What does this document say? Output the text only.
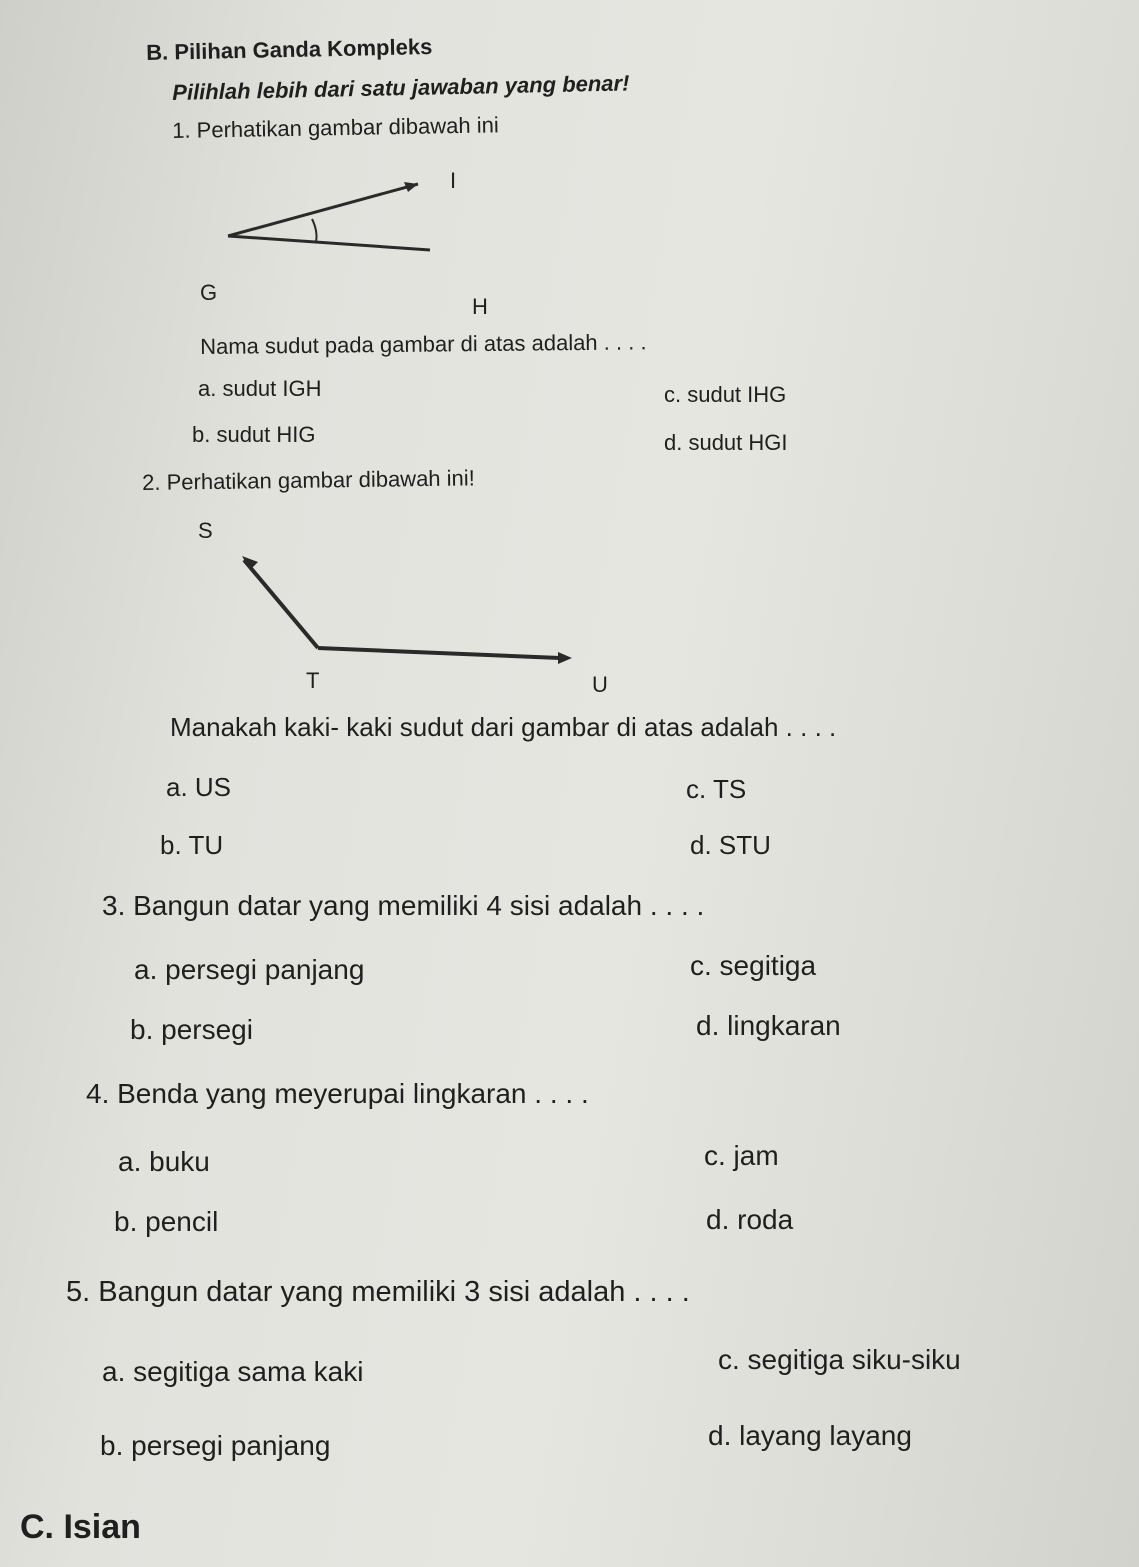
B. Pilihan Ganda Kompleks
Pilihlah lebih dari satu jawaban yang benar!
1. Perhatikan gambar dibawah ini
I
G
H
Nama sudut pada gambar di atas adalah . . . .
a. sudut IGH	c. sudut IHG
b. sudut HIG	d. sudut HGI
2. Perhatikan gambar dibawah ini!
S
T	U
Manakah kaki- kaki sudut dari gambar di atas adalah . . . .
a. US	c. TS
b. TU	d. STU
3. Bangun datar yang memiliki 4 sisi adalah . . . .
a. persegi panjang	c. segitiga
b. persegi	d. lingkaran
4. Benda yang meyerupai lingkaran . . . .
a. buku	c. jam
b. pencil	d. roda
5. Bangun datar yang memiliki 3 sisi adalah . . . .
a. segitiga sama kaki	c. segitiga siku-siku
b. persegi panjang	d. layang layang
C. Isian
